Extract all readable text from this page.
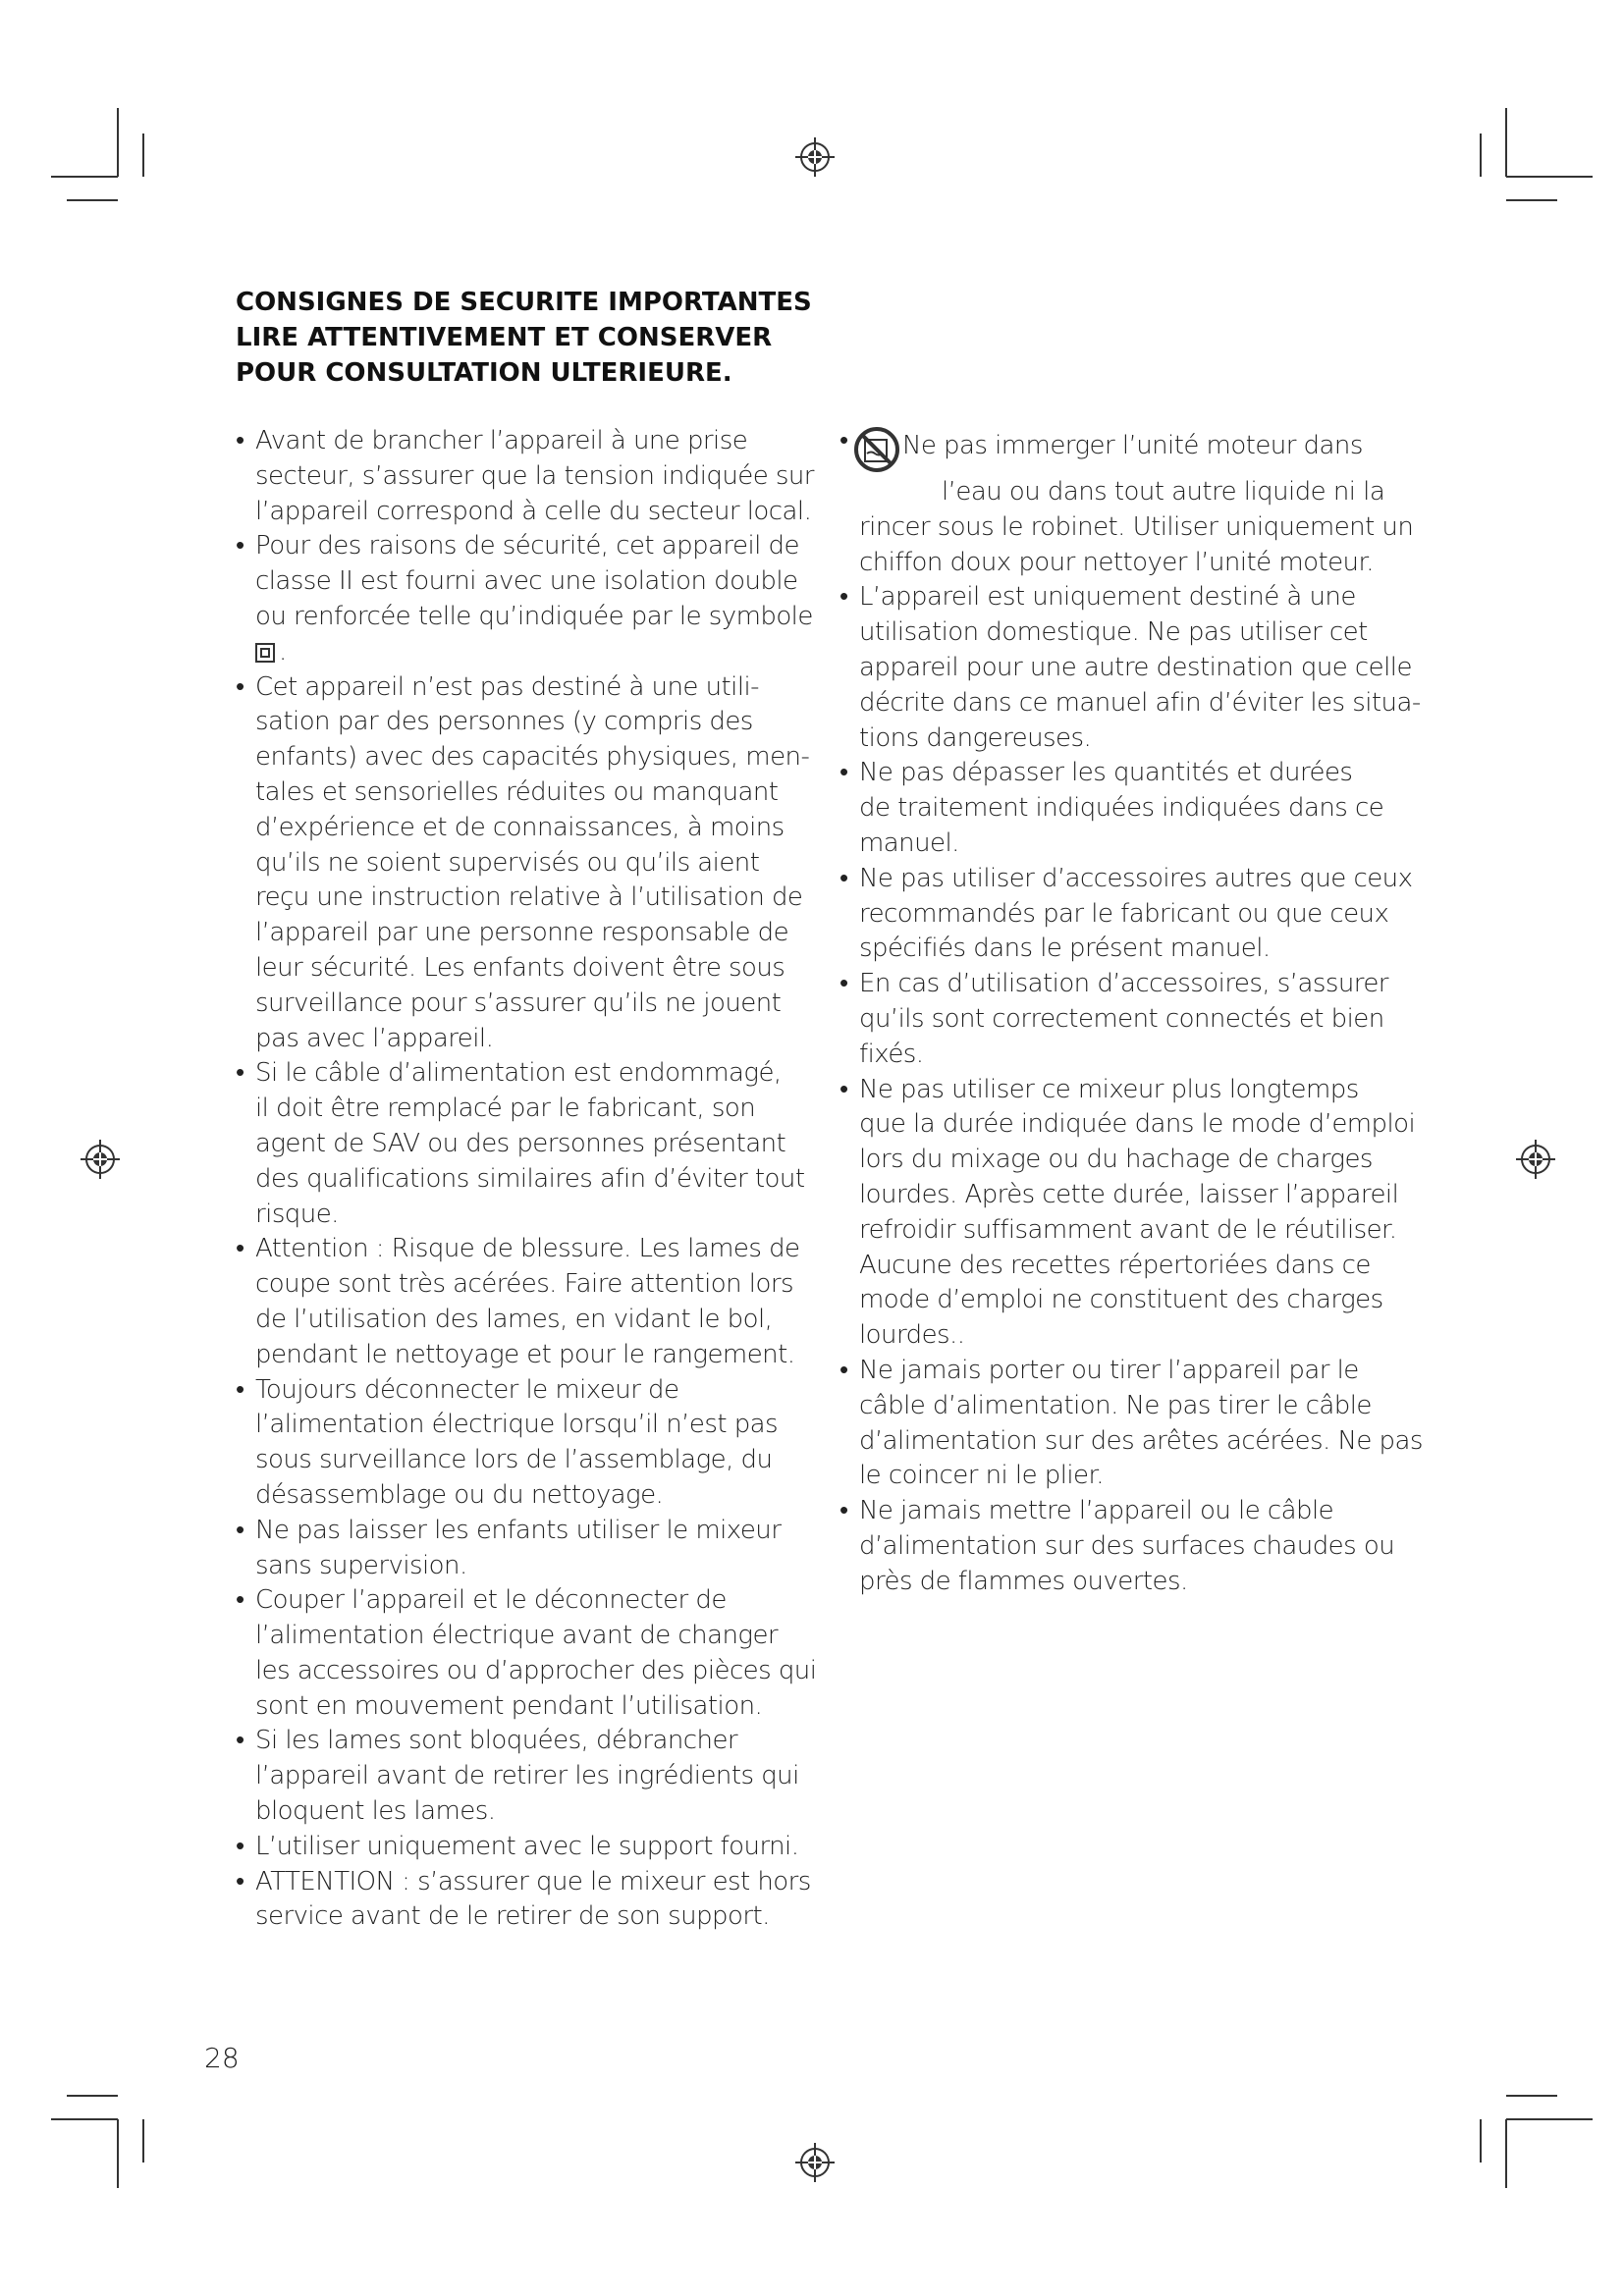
CONSIGNES DE SECURITE IMPORTANTES
LIRE ATTENTIVEMENT ET CONSERVER
POUR CONSULTATION ULTERIEURE.
• Avant de brancher l’appareil à une prise
secteur, s’assurer que la tension indiquée sur
l’appareil correspond à celle du secteur local.
• Pour des raisons de sécurité, cet appareil de
classe II est fourni avec une isolation double
ou renforcée telle qu’indiquée par le symbole
.
• Cet appareil n’est pas destiné à une utili-
sation par des personnes (y compris des
enfants) avec des capacités physiques, men-
tales et sensorielles réduites ou manquant
d’expérience et de connaissances, à moins
qu’ils ne soient supervisés ou qu’ils aient
reçu une instruction relative à l’utilisation de
l’appareil par une personne responsable de
leur sécurité. Les enfants doivent être sous
surveillance pour s’assurer qu’ils ne jouent
pas avec l’appareil.
• Si le câble d’alimentation est endommagé,
il doit être remplacé par le fabricant, son
agent de SAV ou des personnes présentant
des qualifications similaires afin d’éviter tout
risque.
• Attention : Risque de blessure. Les lames de
coupe sont très acérées. Faire attention lors
de l’utilisation des lames, en vidant le bol,
pendant le nettoyage et pour le rangement.
• Toujours déconnecter le mixeur de
l’alimentation électrique lorsqu’il n’est pas
sous surveillance lors de l’assemblage, du
désassemblage ou du nettoyage.
• Ne pas laisser les enfants utiliser le mixeur
sans supervision.
• Couper l’appareil et le déconnecter de
l’alimentation électrique avant de changer
les accessoires ou d’approcher des pièces qui
sont en mouvement pendant l’utilisation.
• Si les lames sont bloquées, débrancher
l’appareil avant de retirer les ingrédients qui
bloquent les lames.
• L’utiliser uniquement avec le support fourni.
• ATTENTION : s’assurer que le mixeur est hors
service avant de le retirer de son support.
• Ne pas immerger l’unité moteur dans
l’eau ou dans tout autre liquide ni la
rincer sous le robinet. Utiliser uniquement un
chiffon doux pour nettoyer l’unité moteur.
• L’appareil est uniquement destiné à une
utilisation domestique. Ne pas utiliser cet
appareil pour une autre destination que celle
décrite dans ce manuel afin d’éviter les situa-
tions dangereuses.
• Ne pas dépasser les quantités et durées
de traitement indiquées indiquées dans ce
manuel.
• Ne pas utiliser d’accessoires autres que ceux
recommandés par le fabricant ou que ceux
spécifiés dans le présent manuel.
• En cas d’utilisation d’accessoires, s’assurer
qu’ils sont correctement connectés et bien
fixés.
• Ne pas utiliser ce mixeur plus longtemps
que la durée indiquée dans le mode d’emploi
lors du mixage ou du hachage de charges
lourdes. Après cette durée, laisser l’appareil
refroidir suffisamment avant de le réutiliser.
Aucune des recettes répertoriées dans ce
mode d’emploi ne constituent des charges
lourdes..
• Ne jamais porter ou tirer l’appareil par le
câble d’alimentation. Ne pas tirer le câble
d’alimentation sur des arêtes acérées. Ne pas
le coincer ni le plier.
• Ne jamais mettre l’appareil ou le câble
d’alimentation sur des surfaces chaudes ou
près de flammes ouvertes.
28
